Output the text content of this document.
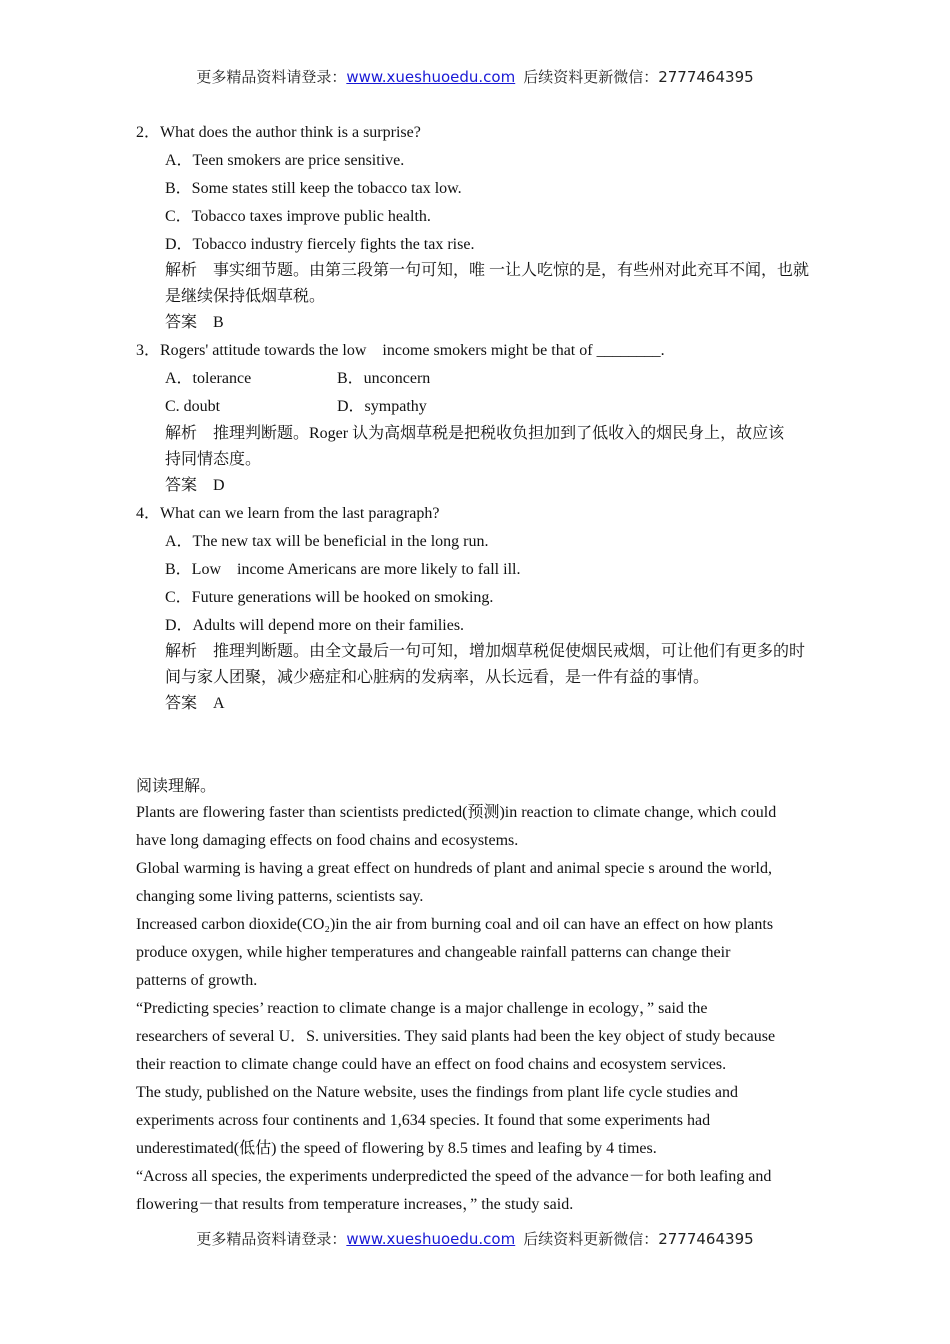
更多精品资料请登录：www.xueshuoedu.com 后续资料更新微信：2777464395
2．What does the author think is a surprise?
A．Teen smokers are price sensitive.
B．Some states still keep the tobacco tax low.
C．Tobacco taxes improve public health.
D．Tobacco industry fiercely fights the tax rise.
解析　事实细节题。由第三段第一句可知，唯 一让人吃惊的是，有些州对此充耳不闻，也就
是继续保持低烟草税。
答案　B
3．Rogers' attitude towards the low　income smokers might be that of ________.
A．tolerance	B．unconcern
C. doubt	D．sympathy
解析　推理判断题。Roger 认为高烟草税是把税收负担加到了低收入的烟民身上，故应该
持同情态度。
答案　D
4．What can we learn from the last paragraph?
A．The new tax will be beneficial in the long run.
B．Low　income Americans are more likely to fall ill.
C．Future generations will be hooked on smoking.
D．Adults will depend more on their families.
解析　推理判断题。由全文最后一句可知，增加烟草税促使烟民戒烟，可让他们有更多的时
间与家人团聚，减少癌症和心脏病的发病率，从长远看，是一件有益的事情。
答案　A
阅读理解。
Plants are flowering faster than scientists predicted(预测)in reaction to climate change, which could
have long damaging effects on food chains and ecosystems.
Global warming is having a great effect on hundreds of plant and animal specie s around the world,
changing some living patterns, scientists say.
Increased carbon dioxide(CO₂)in the air from burning coal and oil can have an effect on how plants
produce oxygen, while higher temperatures and changeable rainfall patterns can change their
patterns of growth.
“Predicting species’ reaction to climate change is a major challenge in ecology，” said the
researchers of several U．S. universities. They said plants had been the key object of study because
their reaction to climate change could have an effect on food chains and ecosystem services.
The study, published on the Nature website, uses the findings from plant life cycle studies and
experiments across four continents and 1,634 species. It found that some experiments had
underestimated(低估) the speed of flowering by 8.5 times and leafing by 4 times.
“Across all species, the experiments underpredicted the speed of the advance－for both leafing and
flowering－that results from temperature increases，” the study said.
更多精品资料请登录：www.xueshuoedu.com 后续资料更新微信：2777464395
